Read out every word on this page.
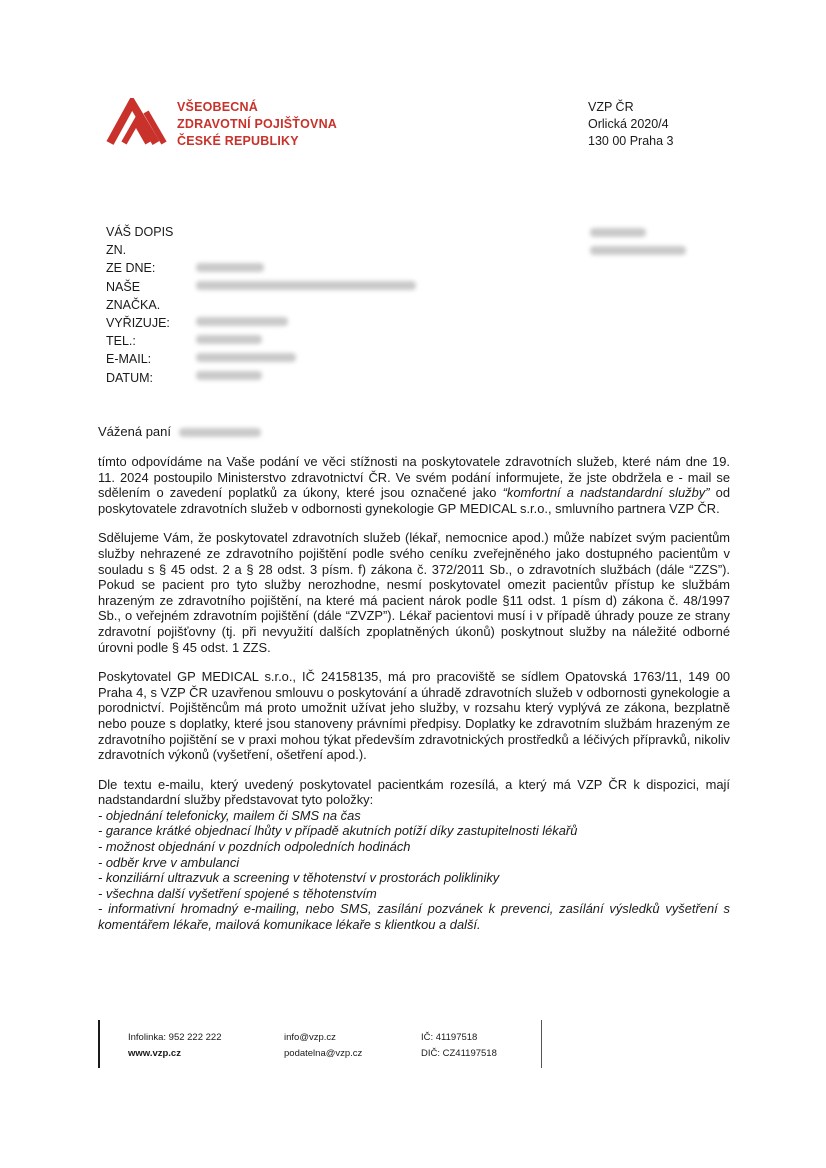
VŠEOBECNÁ
ZDRAVOTNÍ POJIŠŤOVNA
ČESKÉ REPUBLIKY
VZP ČR
Orlická 2020/4
130 00 Praha 3
VÁŠ DOPIS
ZN.
ZE DNE:
NAŠE
ZNAČKA.
VYŘIZUJE:
TEL.:
E-MAIL:
DATUM:
Vážená paní

tímto odpovídáme na Vaše podání ve věci stížnosti na poskytovatele zdravotních služeb, které nám dne 19. 11. 2024 postoupilo Ministerstvo zdravotnictví ČR. Ve svém podání informujete, že jste obdržela e - mail se sdělením o zavedení poplatků za úkony, které jsou označené jako “komfortní a nadstandardní služby” od poskytovatele zdravotních služeb v odbornosti gynekologie GP MEDICAL s.r.o., smluvního partnera VZP ČR.

Sdělujeme Vám, že poskytovatel zdravotních služeb (lékař, nemocnice apod.) může nabízet svým pacientům služby nehrazené ze zdravotního pojištění podle svého ceníku zveřejněného jako dostupného pacientům v souladu s § 45 odst. 2 a § 28 odst. 3 písm. f) zákona č. 372/2011 Sb., o zdravotních službách (dále “ZZS”). Pokud se pacient pro tyto služby nerozhodne, nesmí poskytovatel omezit pacientův přístup ke službám hrazeným ze zdravotního pojištění, na které má pacient nárok podle §11 odst. 1 písm d) zákona č. 48/1997 Sb., o veřejném zdravotním pojištění (dále “ZVZP”). Lékař pacientovi musí i v případě úhrady pouze ze strany zdravotní pojišťovny (tj. při nevyužití dalších zpoplatněných úkonů) poskytnout služby na náležité odborné úrovni podle § 45 odst. 1 ZZS.

Poskytovatel GP MEDICAL s.r.o., IČ 24158135, má pro pracoviště se sídlem Opatovská 1763/11, 149 00 Praha 4, s VZP ČR uzavřenou smlouvu o poskytování a úhradě zdravotních služeb v odbornosti gynekologie a porodnictví. Pojištěncům má proto umožnit užívat jeho služby, v rozsahu který vyplývá ze zákona, bezplatně nebo pouze s doplatky, které jsou stanoveny právními předpisy. Doplatky ke zdravotním službám hrazeným ze zdravotního pojištění se v praxi mohou týkat především zdravotnických prostředků a léčivých přípravků, nikoliv zdravotních výkonů (vyšetření, ošetření apod.).

Dle textu e-mailu, který uvedený poskytovatel pacientkám rozesílá, a který má VZP ČR k dispozici, mají nadstandardní služby představovat tyto položky:

- objednání telefonicky, mailem či SMS na čas
- garance krátké objednací lhůty v případě akutních potíží díky zastupitelnosti lékařů
- možnost objednání v pozdních odpoledních hodinách
- odběr krve v ambulanci
- konziliární ultrazvuk a screening v těhotenství v prostorách polikliniky
- všechna další vyšetření spojené s těhotenstvím
- informativní hromadný e-mailing, nebo SMS, zasílání pozvánek k prevenci, zasílání výsledků vyšetření s komentářem lékaře, mailová komunikace lékaře s klientkou a další.
Infolinka: 952 222 222
www.vzp.cz
info@vzp.cz
podatelna@vzp.cz
IČ: 41197518
DIČ: CZ41197518
